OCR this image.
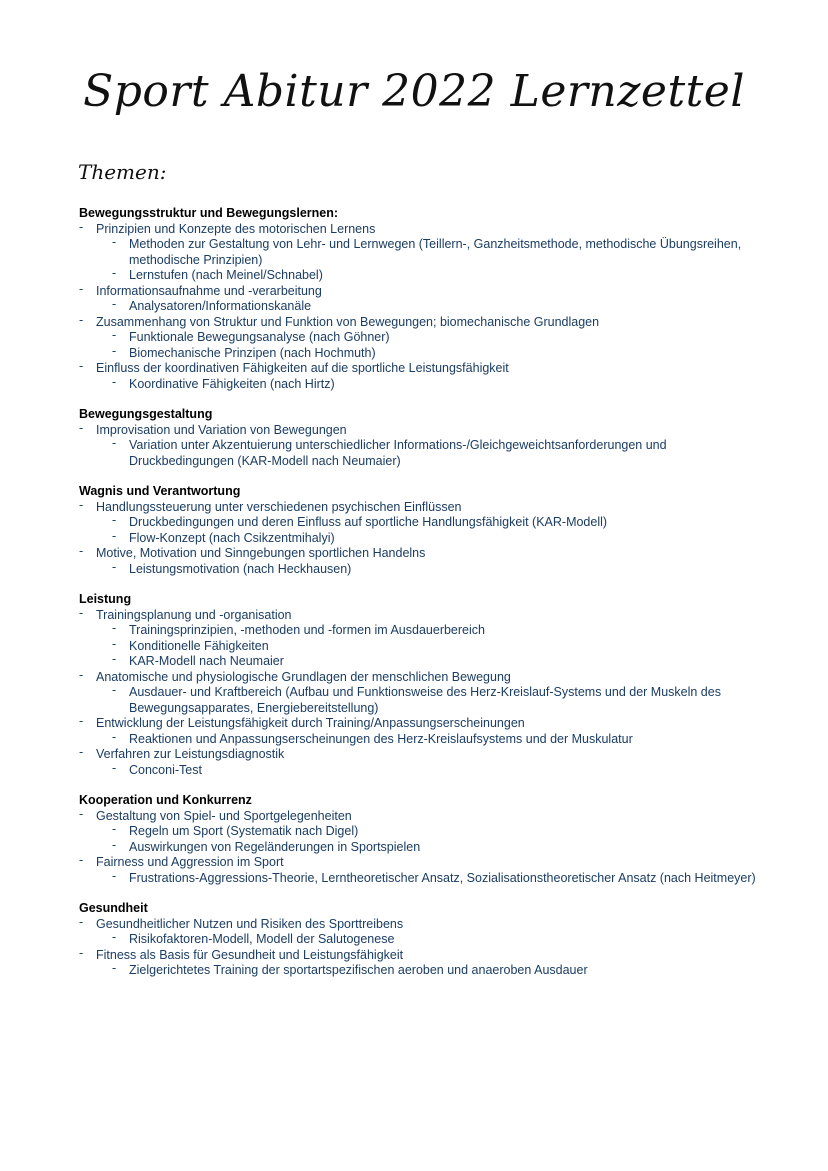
Sport Abitur 2022 Lernzettel
Themen:
Bewegungsstruktur und Bewegungslernen:
- Prinzipien und Konzepte des motorischen Lernens
- Methoden zur Gestaltung von Lehr- und Lernwegen (Teillern-, Ganzheitsmethode, methodische Übungsreihen, methodische Prinzipien)
- Lernstufen (nach Meinel/Schnabel)
- Informationsaufnahme und -verarbeitung
- Analysatoren/Informationskanäle
- Zusammenhang von Struktur und Funktion von Bewegungen; biomechanische Grundlagen
- Funktionale Bewegungsanalyse (nach Göhner)
- Biomechanische Prinzipen (nach Hochmuth)
- Einfluss der koordinativen Fähigkeiten auf die sportliche Leistungsfähigkeit
- Koordinative Fähigkeiten (nach Hirtz)
Bewegungsgestaltung
- Improvisation und Variation von Bewegungen
- Variation unter Akzentuierung unterschiedlicher Informations-/Gleichgeweichtsanforderungen und Druckbedingungen (KAR-Modell nach Neumaier)
Wagnis und Verantwortung
- Handlungssteuerung unter verschiedenen psychischen Einflüssen
- Druckbedingungen und deren Einfluss auf sportliche Handlungsfähigkeit (KAR-Modell)
- Flow-Konzept (nach Csikzentmihalyi)
- Motive, Motivation und Sinngebungen sportlichen Handelns
- Leistungsmotivation (nach Heckhausen)
Leistung
- Trainingsplanung und -organisation
- Trainingsprinzipien, -methoden und -formen im Ausdauerbereich
- Konditionelle Fähigkeiten
- KAR-Modell nach Neumaier
- Anatomische und physiologische Grundlagen der menschlichen Bewegung
- Ausdauer- und Kraftbereich (Aufbau und Funktionsweise des Herz-Kreislauf-Systems und der Muskeln des Bewegungsapparates, Energiebereitstellung)
- Entwicklung der Leistungsfähigkeit durch Training/Anpassungserscheinungen
- Reaktionen und Anpassungserscheinungen des Herz-Kreislaufsystems und der Muskulatur
- Verfahren zur Leistungsdiagnostik
- Conconi-Test
Kooperation und Konkurrenz
- Gestaltung von Spiel- und Sportgelegenheiten
- Regeln um Sport (Systematik nach Digel)
- Auswirkungen von Regeländerungen in Sportspielen
- Fairness und Aggression im Sport
- Frustrations-Aggressions-Theorie, Lerntheoretischer Ansatz, Sozialisationstheoretischer Ansatz (nach Heitmeyer)
Gesundheit
- Gesundheitlicher Nutzen und Risiken des Sporttreibens
- Risikofaktoren-Modell, Modell der Salutogenese
- Fitness als Basis für Gesundheit und Leistungsfähigkeit
- Zielgerichtetes Training der sportartspezifischen aeroben und anaeroben Ausdauer
